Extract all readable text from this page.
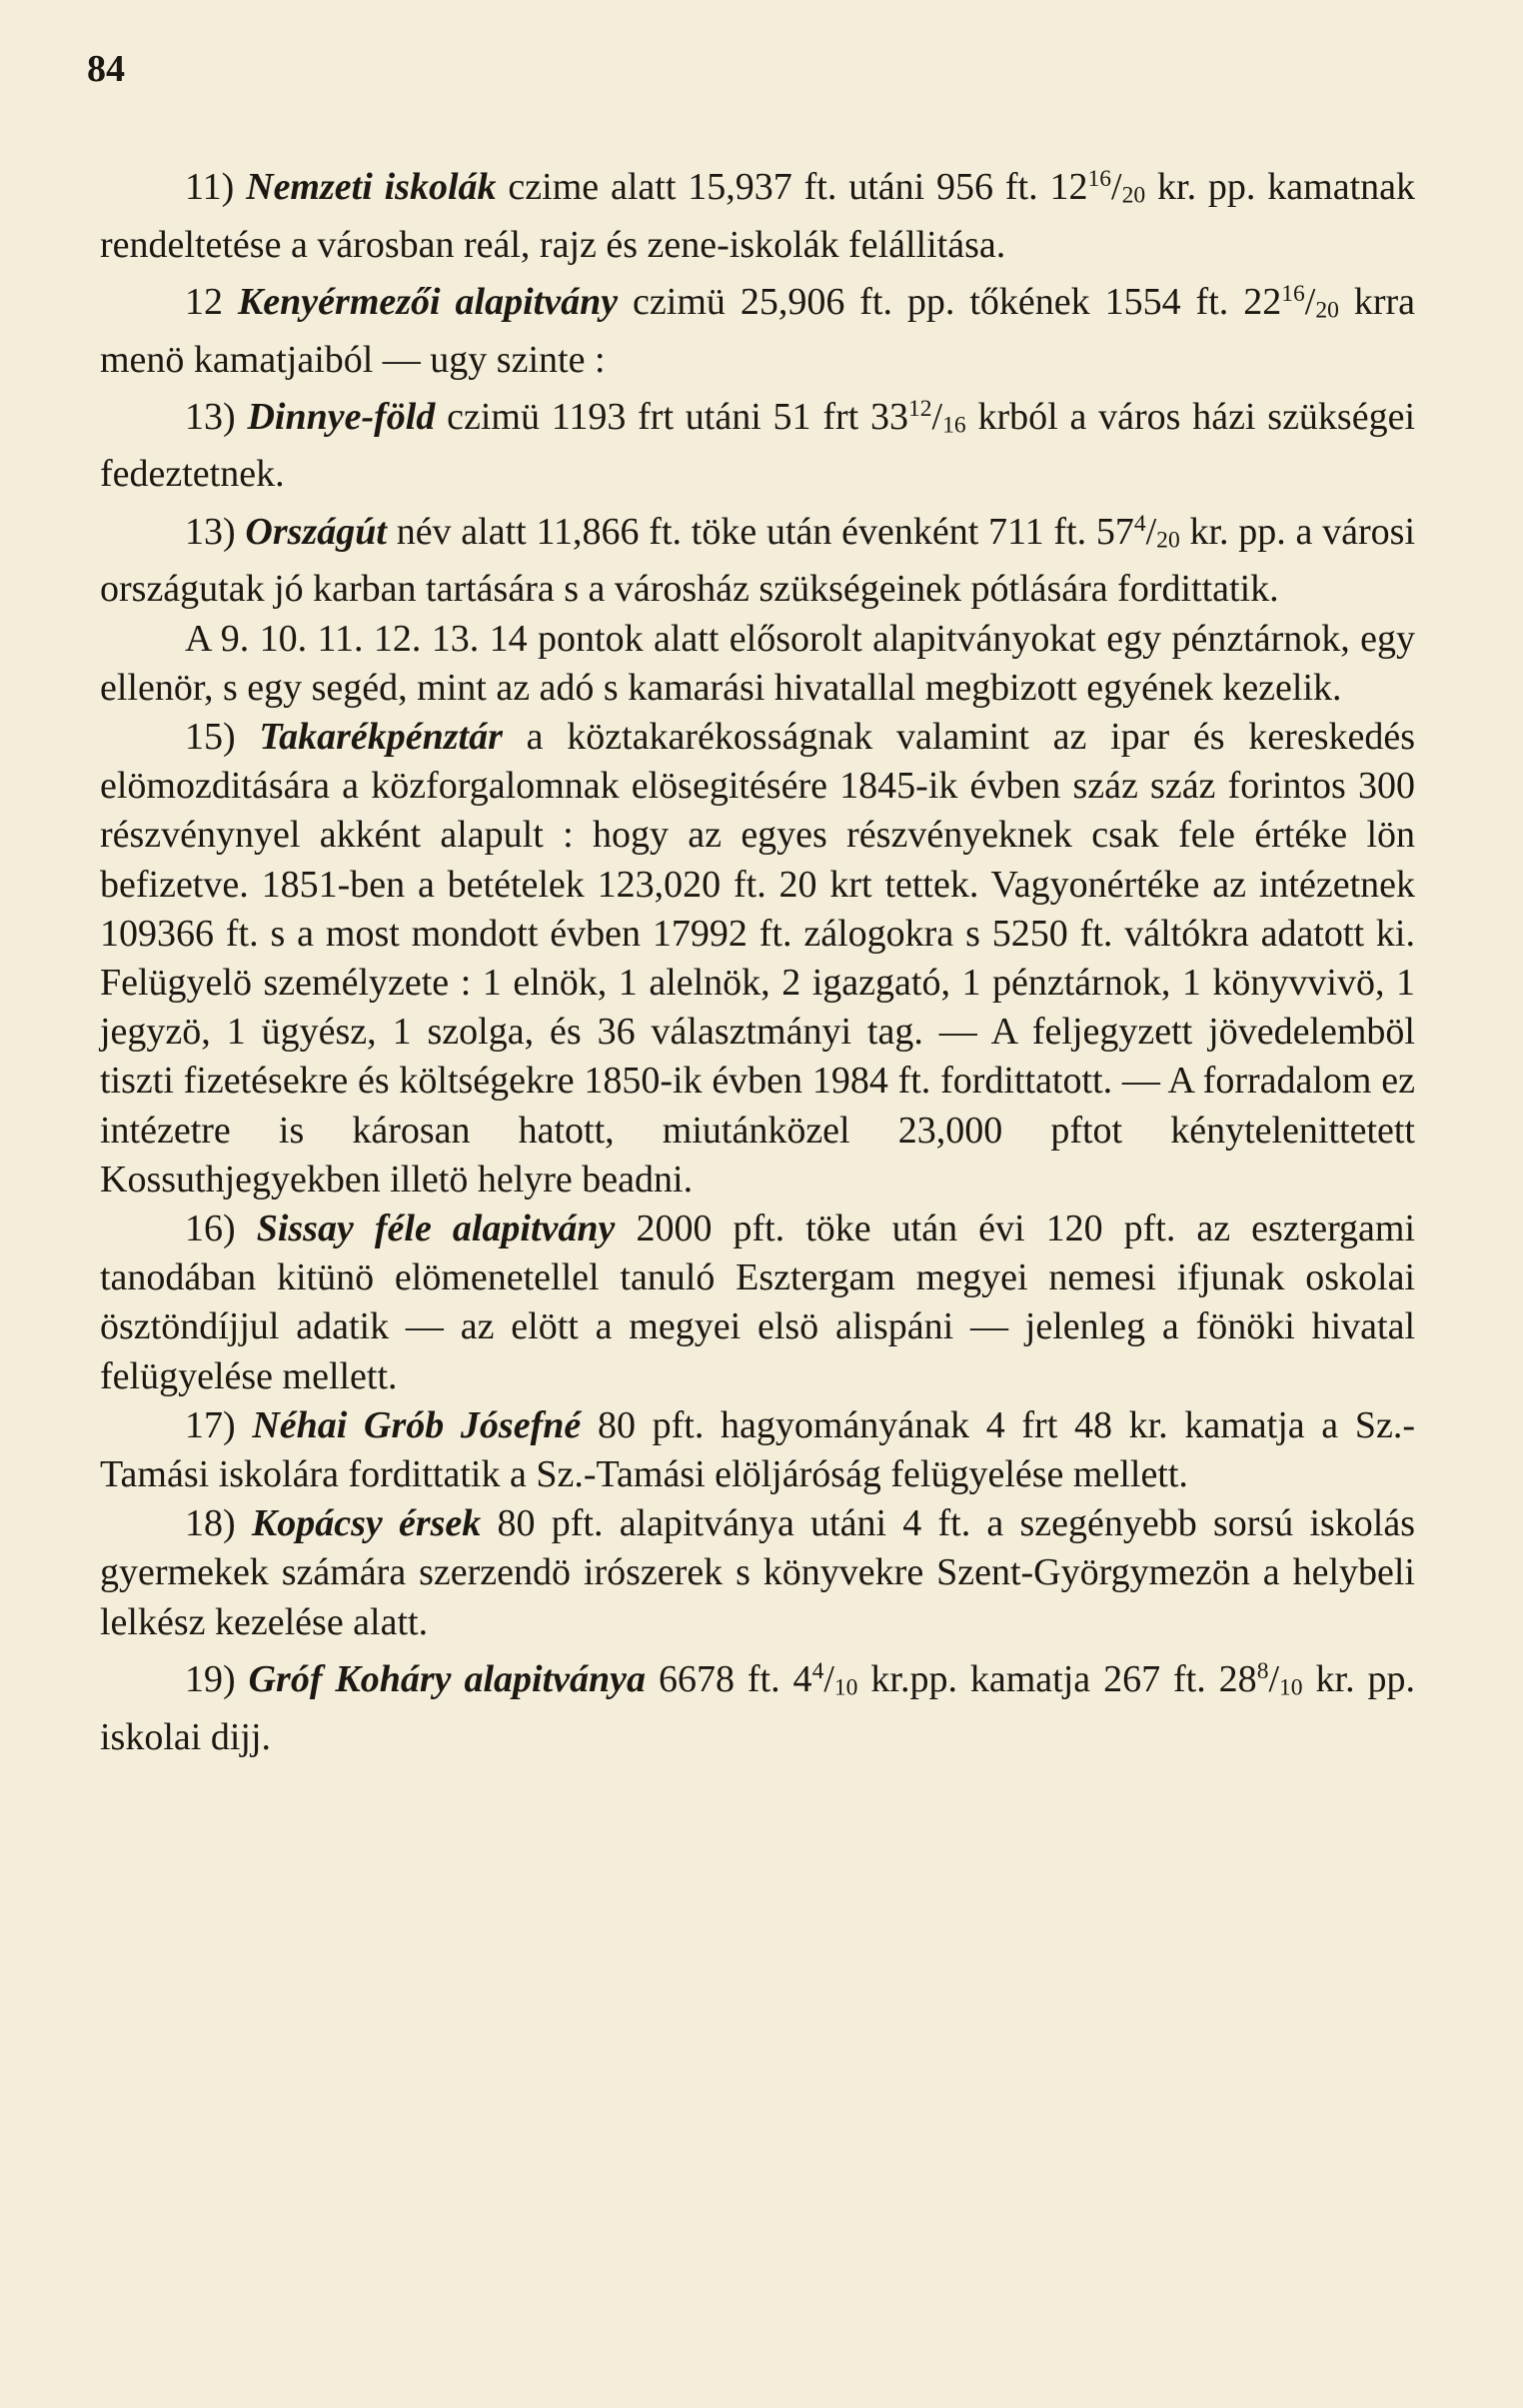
84

11) Nemzeti iskolák czime alatt 15,937 ft. utáni 956 ft. $12^{16}/20$ kr. pp. kamatnak rendeltetése a városban reál, rajz és zene-iskolák felállitása.

12 Kenyérmezői alapitvány czimü 25,906 ft. pp. tőkének 1554 ft. $22^{16}/20$ krra menö kamatjaiból — ugy szinte :

13) Dinnye-föld czimü 1193 frt utáni 51 frt $33^{12}/16$ krból a város házi szükségei fedeztetnek.

13) Országút név alatt 11,866 ft. töke után évenként 711 ft. $57^4/20$ kr. pp. a városi országutak jó karban tartására s a városház szükségeinek pótlására fordittatik.

A 9. 10. 11. 12. 13. 14 pontok alatt elősorolt alapitványokat egy pénztárnok, egy ellenör, s egy segéd, mint az adó s kamarási hivatallal megbizott egyének kezelik.

15) Takarékpénztár a köztakarékosságnak valamint az ipar és kereskedés elömozditására a közforgalomnak elösegitésére 1845-ik évben száz száz forintos 300 részvénynyel akként alapult : hogy az egyes részvényeknek csak fele értéke lön befizetve. 1851-ben a betételek 123,020 ft. 20 krt tettek. Vagyonértéke az intézetnek 109366 ft. s a most mondott évben 17992 ft. zálogokra s 5250 ft. váltókra adatott ki. Felügyelö személyzete : 1 elnök, 1 alelnök, 2 igazgató, 1 pénztárnok, 1 könyvvivö, 1 jegyzö, 1 ügyész, 1 szolga, és 36 választmányi tag. — A feljegyzett jövedelemböl tiszti fizetésekre és költségekre 1850-ik évben 1984 ft. fordittatott. — A forradalom ez intézetre is károsan hatott, miutánközel 23,000 pftot kénytelenittetett Kossuthjegyekben illetö helyre beadni.

16) Sissay féle alapitvány 2000 pft. töke után évi 120 pft. az esztergami tanodában kitünö elömenetellel tanuló Esztergam megyei nemesi ifjunak oskolai ösztöndíjjul adatik — az elött a megyei elsö alispáni — jelenleg a fönöki hivatal felügyelése mellett.

17) Néhai Grób Jósefné 80 pft. hagyományának 4 frt 48 kr. kamatja a Sz.-Tamási iskolára fordittatik a Sz.-Tamási elöljáróság felügyelése mellett.

18) Kopácsy érsek 80 pft. alapitványa utáni 4 ft. a szegényebb sorsú iskolás gyermekek számára szerzendö irószerek s könyvekre Szent-Györgymezön a helybeli lelkész kezelése alatt.

19) Gróf Koháry alapitványa 6678 ft. $4^4/10$ kr.pp. kamatja 267 ft. $28^8/10$ kr. pp. iskolai dijj.
